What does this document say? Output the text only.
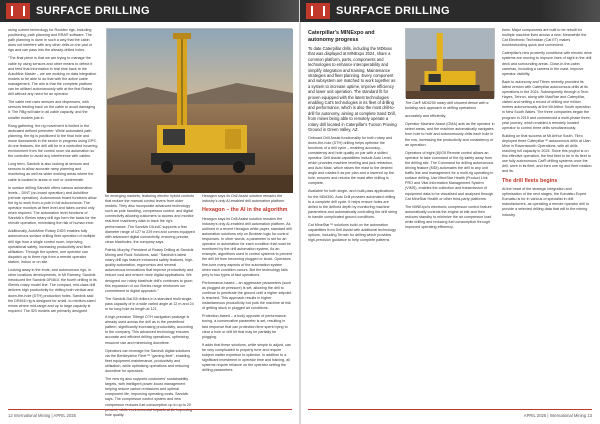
SURFACE DRILLING

using current technology for Rocktec rigs, including positioning, path planning and RRA® software. The path planning is done in such a way that the cabin does not interfere with any other drills on the pad or rigs and can pass into the already-drilled holes.

“The final piece is that we are trying to manage the cable by using sensors and other means to detect it and feed that information in real time back to the AutoMine Master – we are working on data integration models to be able to do that with the active cable management. The aim is that the complete platform can be utilised autonomously with at the first Rotary drill without any need for an operator.

The cable reel uses sensors and dispensers, with sensors feeding back on the cable to avoid damaging it. The RBg will take in all cable capacity, and the smaller models just in.

Rang gathering, the rig movement is limited in the dedicated defined perimeter. While automated path planning, the rig is positioned to the final hole and move downwards in the sector in progress using GPS. At one features, the drill will be in a controlled hovering environment from the control room via automation so the controller to avoid any interference with cables.

Long term, Sandvik is also looking at sensors and sensors to allow accurate ramp planning and monitoring as well as wider working areas where the cable is located in areas or roof or underneath.

In surface drilling Sandvik offers various automation levels – DINT (on-board operation) and AutoMine (remote operation). Autonomous board functions allow the rig to work from a pole in full autonomous. The operator monitors at fleet level and takes control only when required. The automation level functions of Sandvik's iSeries rotary drill rigs form the basis for the remote operation, minimising the risk of human error.

Additionally, AutoMine Rotary DIDS enables fully autonomous surface drilling fleet operation of multiple drill rigs from a single control room, improving operational safety, increasing productivity and fleet utilisation. Through the system, one operator can dispatch up to three rigs from a remote operator station, indoor or on site.

Looking away in the ends, and autonomous rigs, in other locations developments, in Mt Ramsey, Sandvik introduced the Sandvik DR461i, the fourth drilling in its iSeries rotary model line. The compact, mid-class drill delivers high productivity for drilling both vertical and down-the-hole (DTH) production holes. Sandvik said the DR461i rig is designed for small- to medium-sized mines where mid-range and up to large capacity is required. The iDS models are primarily designed

for emerging markets, featuring electric hybrid controls that reduce the manual control levers from older models. They also incorporate advanced technology such as pole handling, compressor control, and digital connectivity allowing customers to access and monitor real-time machinery data to track the rig's performance. The Sandvik DiLedC supports a first diameter range of 127 to 229 mm and comes equipped with advanced digital connectivity, ensuring precise, clean blastholes, the company says.

Patrick Murphy, President of Rotary Drilling at Sandvik Mining and Rock Solutions, said: “Sandvik's latest rotary drill rigs feature enhanced safety features, high-quality automation, ergonomics and several autonomous innovations that improve productivity and reduce cost and ensure more digital applications. We designed our rotary blasthole drill's continues to grow; this expansion of our iSeries range reinforces our commitment to digital approach.”

The Sandvik Dal.E8 drillers in a standard multi single-pass capacity of in a wide varied angle at 12 m and 24 m for long hole as length at 121.

A high-precision Tilbegri DTH navigation package is already used across the drill as in the predefined pattern, significantly increasing productivity, according to the company. This advanced technology ensures accurate and efficient drilling operations, optimising resource use and minimising downtime.

Operators can leverage the Sandvik digital solutions via the Bentleydrive Fleet™ “gaming fleet”, enabling fleet equipment maintenance, productivity and utilisation, while optimising operations and reducing downtime for operators.

The new rig also supports customers' sustainability targets, with intelligent power-boost management helping reduce carbon emissions and optimal component life, improving operating costs. Sandvik says. The compressor control system and new compressor reduces fuel consumption up to up to 20 hole quality.

Hexagon says its Drill Assist solution remains the industry's only AI-enabled drill automation platform

Hexagon – the AI in the algorithm

Hexagon says its Drill Assist solution remains the industry's only AI-enabled drill automation platform. As outlined in a recent Hexagon white paper, standard drill automation solutions rely on Boolean logic for control responses. In other words, a parameter is set for an operator or automation for each condition that must be monitored by the drill automation system. As an example, algorithms used in control systems to prevent the drill bit from becoming plugged or stuck. Operators fine-tune many aspects of the automation system when each condition occurs. But the technology falls prey to two types of fast operations.

Performance-based – an aggressive parameters (such as plugged air pressure) is set, allowing the drill to continue to penetrate the ground until a higher setpoint is reached. This approach results in higher instantaneous productivity but puts the machine at risk of getting stuck in plugged air conditions.

Protection-based – a body opposite of performance-tuning, a conservative parameter is set, resulting in fast response that can protection time spent trying to clear a hole or drill bit that may be partially be plugging.

It adds that these solutions, while simple to adjust, can be very complicated to properly tune and require subject matter expertise to optimise. In addition to a significant investment in operator time and training, all systems require reliance on the operator setting the drilling parameters.

12 International Mining | APRIL 2025
SURFACE DRILLING
Caterpillar's MINExpo and autonomy progress

To date Caterpillar drills, including the MD6xxx that was displayed at MINExpo 2024, share a common platform, parts, components and technologies to enhance interoperability and simplify integration and training. Maintenance strategies and fleet planning. Every component and subsystem are matched to work together as a system to increase uptime, improve efficiency and lower unit operation. The standard fit for proven equipped with the latest technologies enabling Cat's technologies in its fleet of drilling and performance, which is also the most drill-to-drill for autonomy, aiming at complete Sand Drill, from mines being able to remotely operate a rotary drill located in Caterpillar's Tucson Proving Ground in Green Valley, AZ.

Onboard Drill Assist functionality for both rotary and down-the-hole (DTH) drilling helps optimise the functions of a drill cycle – enabling accuracy, consistency and hole quality on par with a skilled operator. Drill Assist capabilities include Auto Level, which provides machine leveling and jack retraction, and Auto Mast, which raises the mast to the desired angle and rotates it as per plan and a lowered up the hole, ensures and returns the mast after drilling is complete.

Available for both single- and multi-pass applications for the MD6350, Auto Drill provides automated drilling to a complete drill cycle. It helps ensure holes are drilled to the defined depth by monitoring machine parameters and automatically controlling the drill string to handle complicated ground conditions.

Cat MineStar™ solutions build on the automation capabilities from Drill Assist with additional technology options, including Terrain for drilling which provides high-precision guidance to help complete patterns

The Cat® MD6250 rotary drill showed dense with a building rack approach to drilling operations

accurately and efficiently.

Operator Machine Assist (OMA) acts as the operator in select areas, and the machine automatically navigates from hole to hole and autonomously drills each hole in the row, increasing the productivity and consistency of an operation.

Operators of eight (8)/G5 Remote control allows an operator to take command of the rig safely away from the drilling site. The Command for drilling autonomous driving feature (MDI) automates the drill to any unit traffic line and management for a multi-rig operating in surface drilling. Use MineStar Health (Product Link PRO and Vital Information Management System (VIMS), enables the collection and transmission of equipment data to be visualised and analysed through Cat MineStar Health or other third-party platforms.

The MINExpo's electronic compressor control feature automatically controls the engine at idle and then reduces standby to minimize the air compressor load while drilling and reducing fuel consumption through improved operating efficiency.

tions. Major components are built to be rebuilt for multiple machine lives across a new. Meanwhile the Cat Electronic Technician (Cat ET) makes troubleshooting quick and convenient.

Caterpillar's new proximity conditions with electric drive systems are moving to improve lines of sight in the drill deck and surrounding areas. Close-in-the-cabin cameras, including a camera in the mast, improve operator visibility.

Back to autonomy and Tibrex recently provided its latest version with Caterpillar autonomous drills at its operations in the 2024. Subsequently through a Tech. Hayes, Tehron, along with MacRae and Caterpillar, visited and netting a record of drilling one million metres autonomously at the Mt Arthur South operation in New South Wales. The three companies began the program in 2019 and commenced a multi-phase three-year journey, which enabled a remotely located operator to control three drills simultaneously.

Building on that success at Mt Arthur South, Tibro deployed three Caterpillar™ autonomous drills at Ulan Mine in Ravensworth Operations, with all drills reaching full capacity in 2024. Since this project is on this effective operation, the first fleet to be in its fleet to use fully autonomous Cat® drilling systems once the drill, were in its fleet, and then one rig and fleet rotation and its.

The drill fleets begins

At the heart of the strategic integration and optimisation of the next stages, the Komatsu Expert Komatsu is for in various of specialist in drill manufacturers, as operating a remote operator drill to provide a selected drilling data that will to the mining industry.

APRIL 2025 | International Mining 13
